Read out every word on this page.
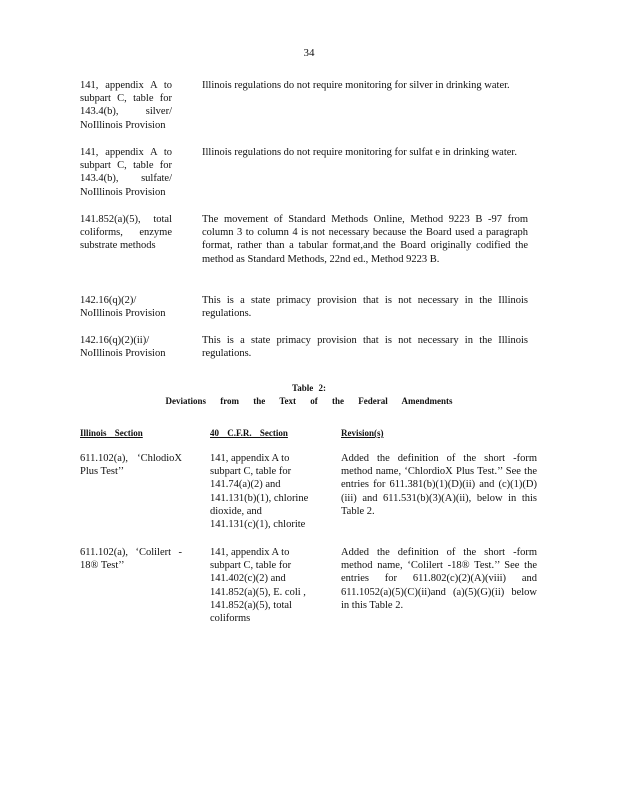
34

141, appendix A to subpart C, table for 143.4(b), silver/ NoIllinois Provision

Illinois regulations do not require monitoring for silver in drinking water.

141, appendix A to subpart C, table for 143.4(b), sulfate/ NoIllinois Provision

Illinois regulations do not require monitoring for sulfat e in drinking water.

141.852(a)(5), total coliforms, enzyme substrate methods

The movement of Standard Methods Online, Method 9223 B -97 from column 3 to column 4 is not necessary because the Board used a paragraph format, rather than a tabular format,and the Board originally codified the method as Standard Methods, 22nd ed., Method 9223 B.

142.16(q)(2)/ NoIllinois Provision

This is a state primacy provision that is not necessary in the Illinois regulations.

142.16(q)(2)(ii)/ NoIllinois Provision

This is a state primacy provision that is not necessary in the Illinois regulations.

Table 2:
Deviations from the Text of the Federal Amendments
Illinois Section	40 C.F.R. Section	Revision(s)

611.102(a), ‘ChlodioX Plus Test’’

141, appendix A to
subpart C, table for
141.74(a)(2) and
141.131(b)(1), chlorine
dioxide, and
141.131(c)(1), chlorite

Added the definition of the short -form method name, ‘ChlordioX Plus Test.’’ See the entries for 611.381(b)(1)(D)(ii) and (c)(1)(D)(iii) and 611.531(b)(3)(A)(ii), below in this Table 2.

611.102(a), ‘Colilert - 18® Test’’

141, appendix A to
subpart C, table for
141.402(c)(2) and
141.852(a)(5), E. coli ,
141.852(a)(5), total
coliforms

Added the definition of the short -form method name, ‘Colilert -18® Test.’’ See the entries for 611.802(c)(2)(A)(viii) and 611.1052(a)(5)(C)(ii)and (a)(5)(G)(ii) below in this Table 2.
